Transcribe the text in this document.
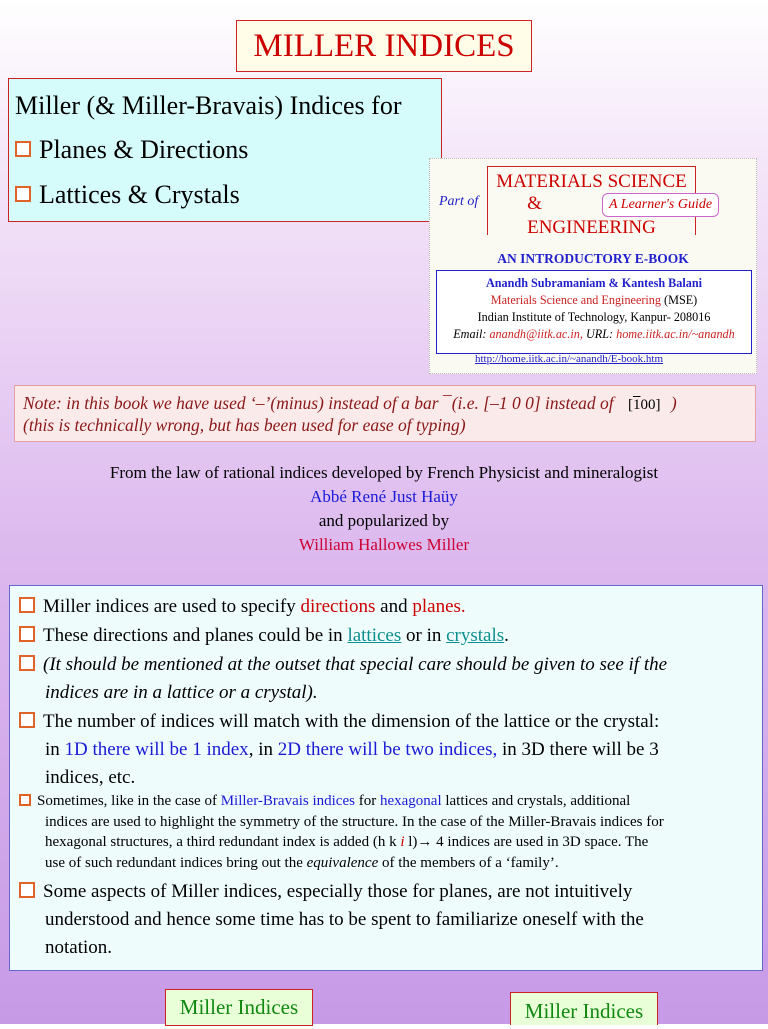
MILLER INDICES
Miller (& Miller-Bravais) Indices for
Planes & Directions
Lattices & Crystals	Part of
MATERIALS SCIENCE
&
ENGINEERING
A Learner's Guide
AN INTRODUCTORY E-BOOK
Anandh Subramaniam & Kantesh Balani
Materials Science and Engineering (MSE)
Indian Institute of Technology, Kanpur- 208016
Email: anandh@iitk.ac.in, URL: home.iitk.ac.in/~anandh
http://home.iitk.ac.in/~anandh/E-book.htm
Note: in this book we have used ‘–’(minus) instead of a bar ¯(i.e. [–1 0 0] instead of [100] )
(this is technically wrong, but has been used for ease of typing)
From the law of rational indices developed by French Physicist and mineralogist
Abbé René Just Haüy
and popularized by
William Hallowes Miller
Miller indices are used to specify directions and planes.
These directions and planes could be in lattices or in crystals.
(It should be mentioned at the outset that special care should be given to see if the
indices are in a lattice or a crystal).
The number of indices will match with the dimension of the lattice or the crystal:
in 1D there will be 1 index, in 2D there will be two indices, in 3D there will be 3
indices, etc.
Sometimes, like in the case of Miller-Bravais indices for hexagonal lattices and crystals, additional
indices are used to highlight the symmetry of the structure. In the case of the Miller-Bravais indices for
hexagonal structures, a third redundant index is added (h k i l)→ 4 indices are used in 3D space. The
use of such redundant indices bring out the equivalence of the members of a ‘family’.
Some aspects of Miller indices, especially those for planes, are not intuitively
understood and hence some time has to be spent to familiarize oneself with the
notation.
Miller Indices	Miller Indices
